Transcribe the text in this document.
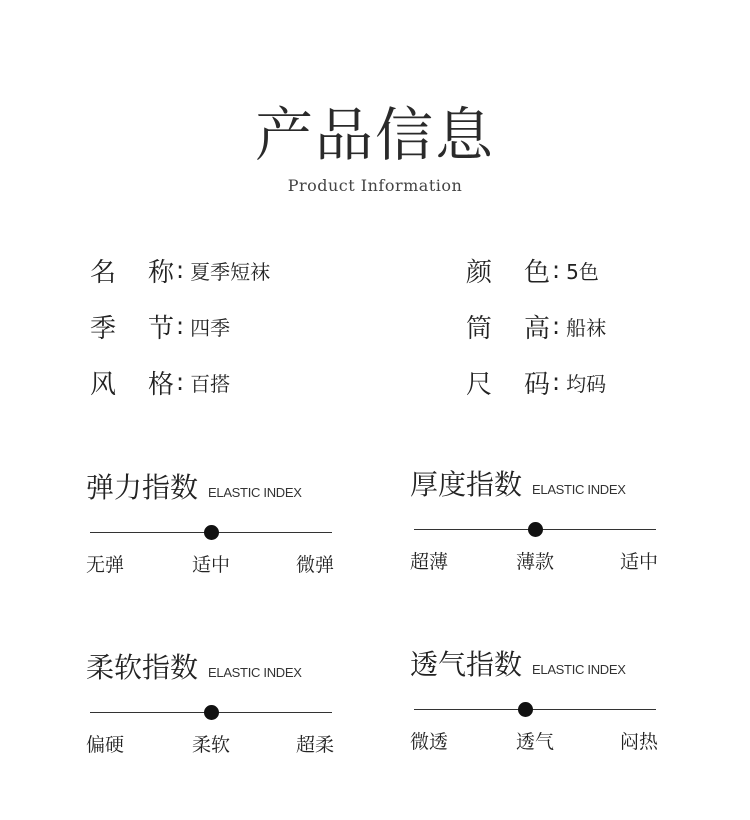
产品信息
Product Information
名 称 : 夏季短袜
季 节 : 四季
风 格 : 百搭
颜 色 : 5色
筒 高 : 船袜
尺 码 : 均码
弹力指数 ELASTIC INDEX
无弹	适中	微弹
厚度指数 ELASTIC INDEX
超薄	薄款	适中
柔软指数 ELASTIC INDEX
偏硬	柔软	超柔
透气指数 ELASTIC INDEX
微透	透气	闷热
